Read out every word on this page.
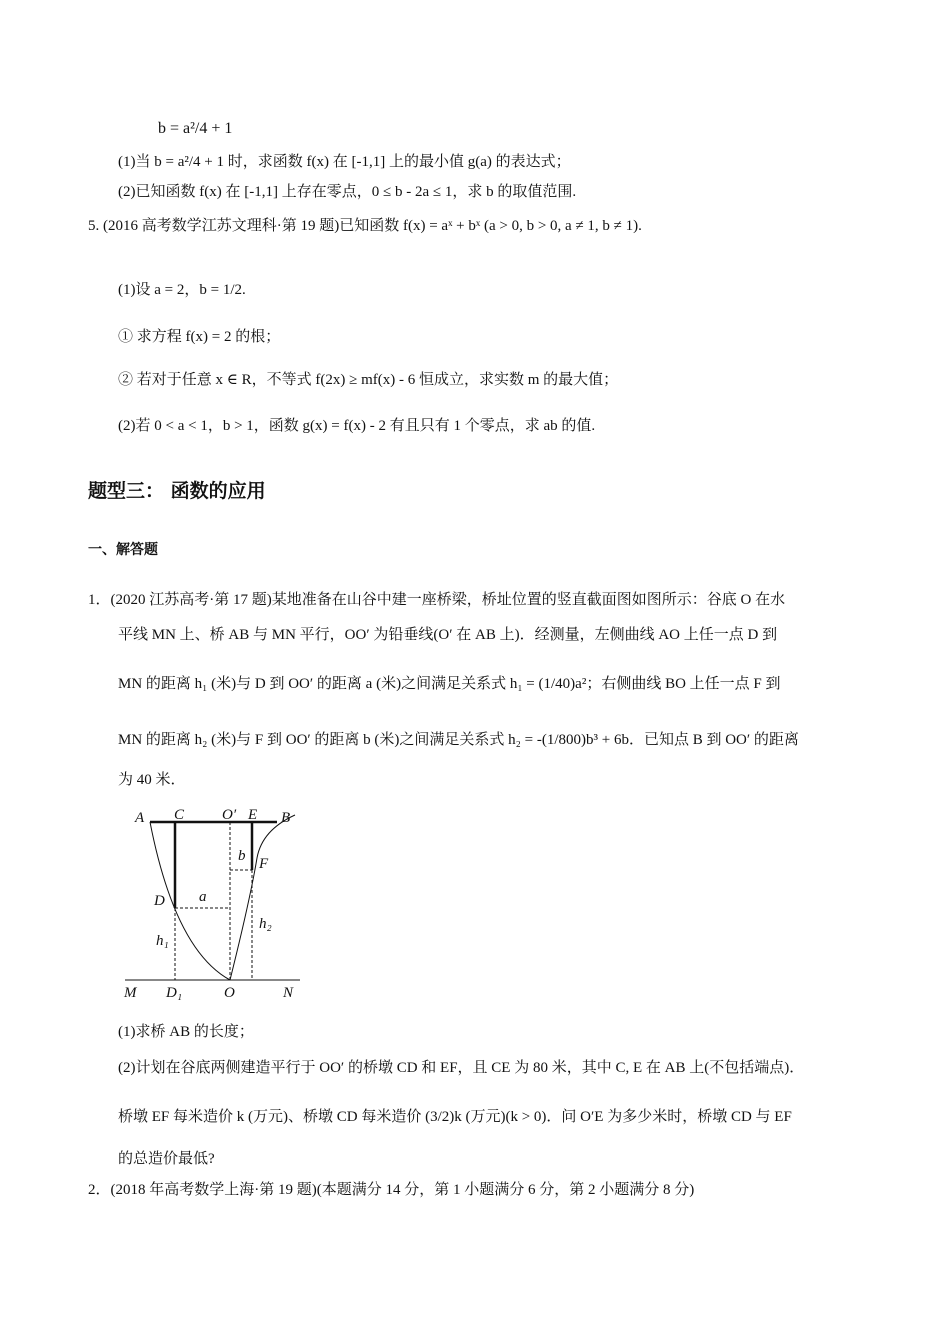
b = a²/4 + 1
(1)当 b = a²/4 + 1 时，求函数 f(x) 在 [-1,1] 上的最小值 g(a) 的表达式；
(2)已知函数 f(x) 在 [-1,1] 上存在零点，0 ≤ b - 2a ≤ 1，求 b 的取值范围.
5. (2016 高考数学江苏文理科·第 19 题)已知函数 f(x) = aˣ + bˣ (a > 0, b > 0, a ≠ 1, b ≠ 1).
(1)设 a = 2，b = 1/2.
① 求方程 f(x) = 2 的根；
② 若对于任意 x ∈ R，不等式 f(2x) ≥ mf(x) - 6 恒成立，求实数 m 的最大值；
(2)若 0 < a < 1，b > 1，函数 g(x) = f(x) - 2 有且只有 1 个零点，求 ab 的值.
题型三： 函数的应用
一、解答题
1．(2020 江苏高考·第 17 题)某地准备在山谷中建一座桥梁，桥址位置的竖直截面图如图所示：谷底 O 在水
平线 MN 上、桥 AB 与 MN 平行，OO′ 为铅垂线(O′ 在 AB 上)．经测量，左侧曲线 AO 上任一点 D 到
MN 的距离 h₁ (米)与 D 到 OO′ 的距离 a (米)之间满足关系式 h₁ = (1/40)a²；右侧曲线 BO 上任一点 F 到
MN 的距离 h₂ (米)与 F 到 OO′ 的距离 b (米)之间满足关系式 h₂ = -(1/800)b³ + 6b．已知点 B 到 OO′ 的距离
为 40 米．
A C	O′ E B
b F
D a
h₁
h₂
M D₁	O	N
(1)求桥 AB 的长度；
(2)计划在谷底两侧建造平行于 OO′ 的桥墩 CD 和 EF，且 CE 为 80 米，其中 C, E 在 AB 上(不包括端点)．
桥墩 EF 每米造价 k (万元)、桥墩 CD 每米造价 (3/2)k (万元)(k > 0)．问 O′E 为多少米时，桥墩 CD 与 EF
的总造价最低?
2．(2018 年高考数学上海·第 19 题)(本题满分 14 分，第 1 小题满分 6 分，第 2 小题满分 8 分)
